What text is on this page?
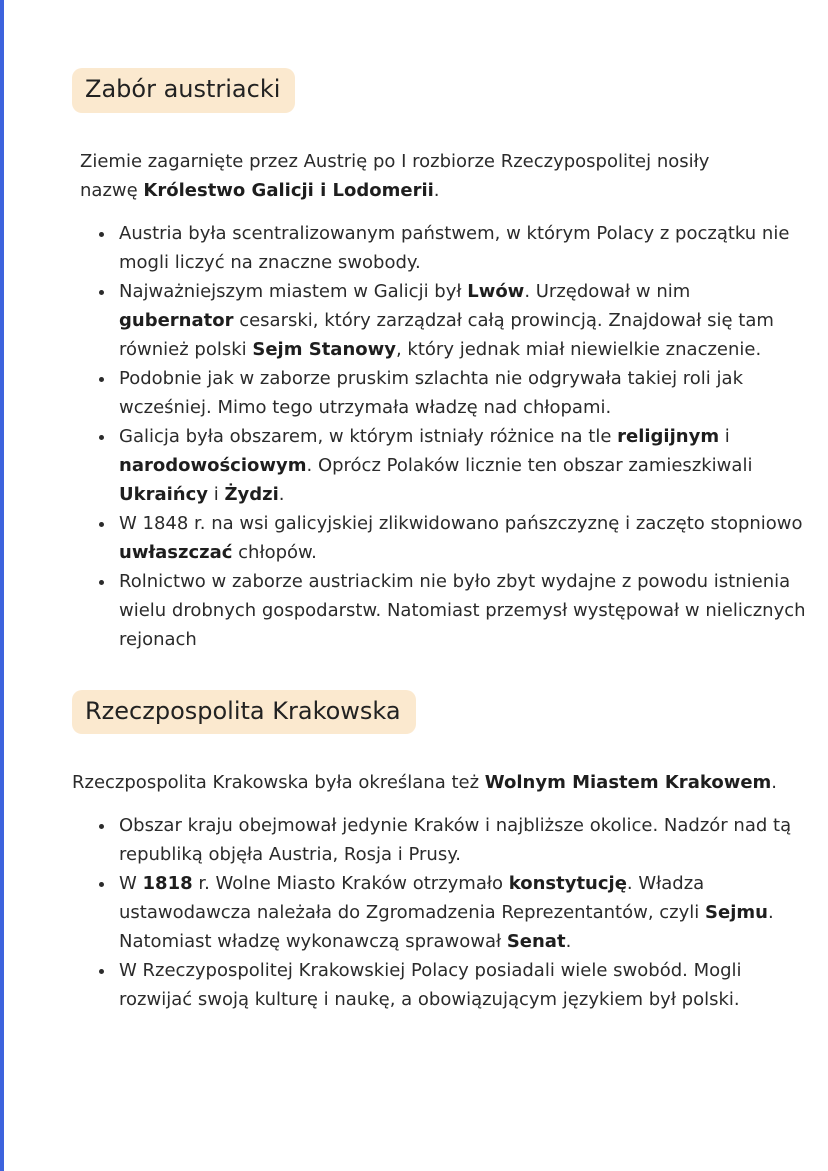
Zabór austriacki

Ziemie zagarnięte przez Austrię po I rozbiorze Rzeczypospolitej nosiły nazwę Królestwo Galicji i Lodomerii.

• Austria była scentralizowanym państwem, w którym Polacy z początku nie mogli liczyć na znaczne swobody.
• Najważniejszym miastem w Galicji był Lwów. Urzędował w nim gubernator cesarski, który zarządzał całą prowincją. Znajdował się tam również polski Sejm Stanowy, który jednak miał niewielkie znaczenie.
• Podobnie jak w zaborze pruskim szlachta nie odgrywała takiej roli jak wcześniej. Mimo tego utrzymała władzę nad chłopami.
• Galicja była obszarem, w którym istniały różnice na tle religijnym i narodowościowym. Oprócz Polaków licznie ten obszar zamieszkiwali Ukraińcy i Żydzi.
• W 1848 r. na wsi galicyjskiej zlikwidowano pańszczyznę i zaczęto stopniowo uwłaszczać chłopów.
• Rolnictwo w zaborze austriackim nie było zbyt wydajne z powodu istnienia wielu drobnych gospodarstw. Natomiast przemysł występował w nielicznych rejonach
Rzeczpospolita Krakowska

Rzeczpospolita Krakowska była określana też Wolnym Miastem Krakowem.

• Obszar kraju obejmował jedynie Kraków i najbliższe okolice. Nadzór nad tą republiką objęła Austria, Rosja i Prusy.
• W 1818 r. Wolne Miasto Kraków otrzymało konstytucję. Władza ustawodawcza należała do Zgromadzenia Reprezentantów, czyli Sejmu. Natomiast władzę wykonawczą sprawował Senat.
• W Rzeczypospolitej Krakowskiej Polacy posiadali wiele swobód. Mogli rozwijać swoją kulturę i naukę, a obowiązującym językiem był polski.
